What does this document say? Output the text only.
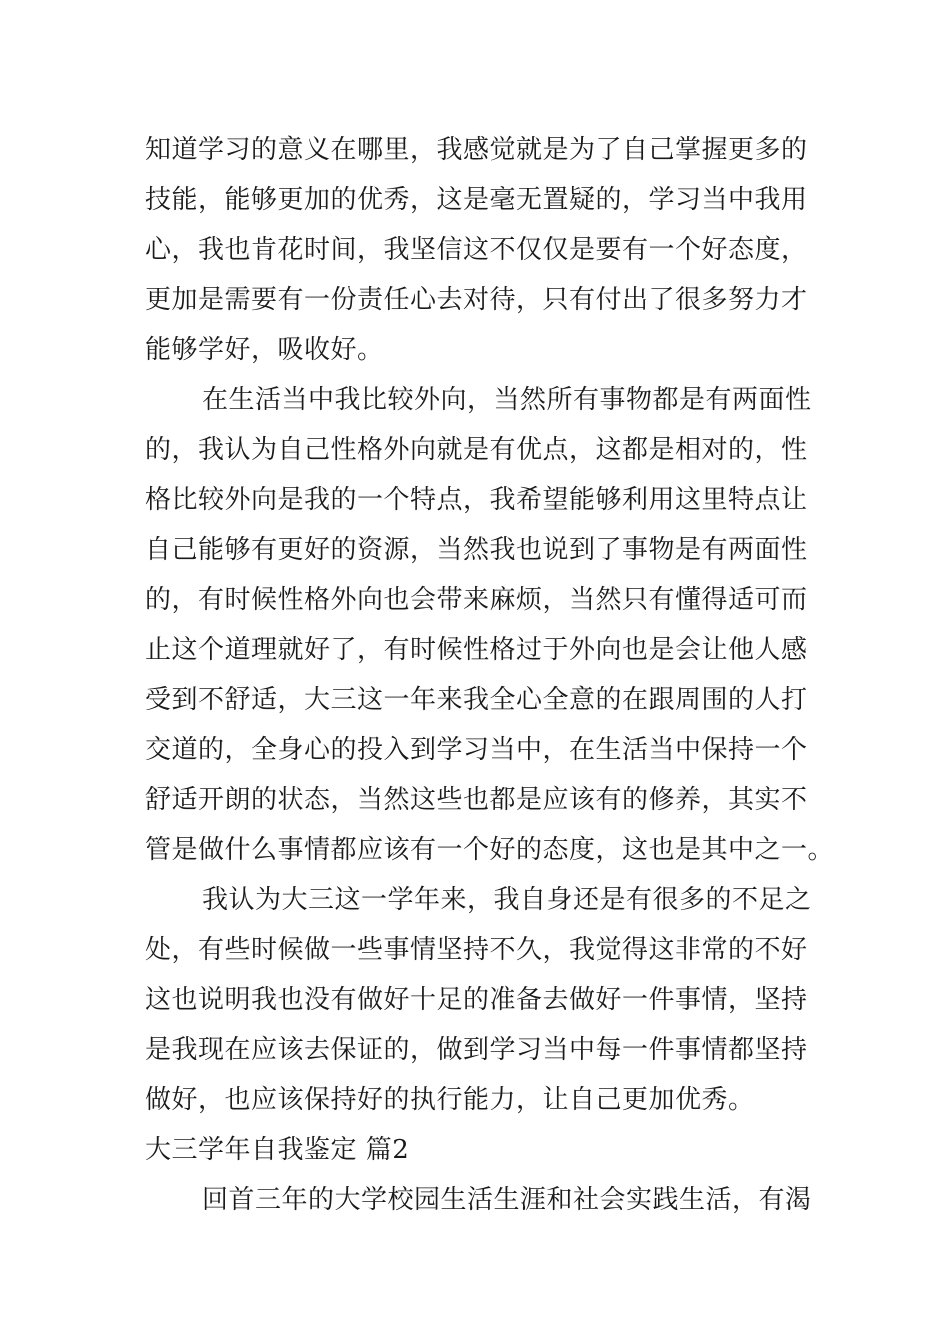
知道学习的意义在哪里，我感觉就是为了自己掌握更多的
技能，能够更加的优秀，这是毫无置疑的，学习当中我用
心，我也肯花时间，我坚信这不仅仅是要有一个好态度，
更加是需要有一份责任心去对待，只有付出了很多努力才
能够学好，吸收好。
在生活当中我比较外向，当然所有事物都是有两面性
的，我认为自己性格外向就是有优点，这都是相对的，性
格比较外向是我的一个特点，我希望能够利用这里特点让
自己能够有更好的资源，当然我也说到了事物是有两面性
的，有时候性格外向也会带来麻烦，当然只有懂得适可而
止这个道理就好了，有时候性格过于外向也是会让他人感
受到不舒适，大三这一年来我全心全意的在跟周围的人打
交道的，全身心的投入到学习当中，在生活当中保持一个
舒适开朗的状态，当然这些也都是应该有的修养，其实不
管是做什么事情都应该有一个好的态度，这也是其中之一。
我认为大三这一学年来，我自身还是有很多的不足之
处，有些时候做一些事情坚持不久，我觉得这非常的不好
这也说明我也没有做好十足的准备去做好一件事情，坚持
是我现在应该去保证的，做到学习当中每一件事情都坚持
做好，也应该保持好的执行能力，让自己更加优秀。
大三学年自我鉴定 篇2
回首三年的大学校园生活生涯和社会实践生活，有渴
